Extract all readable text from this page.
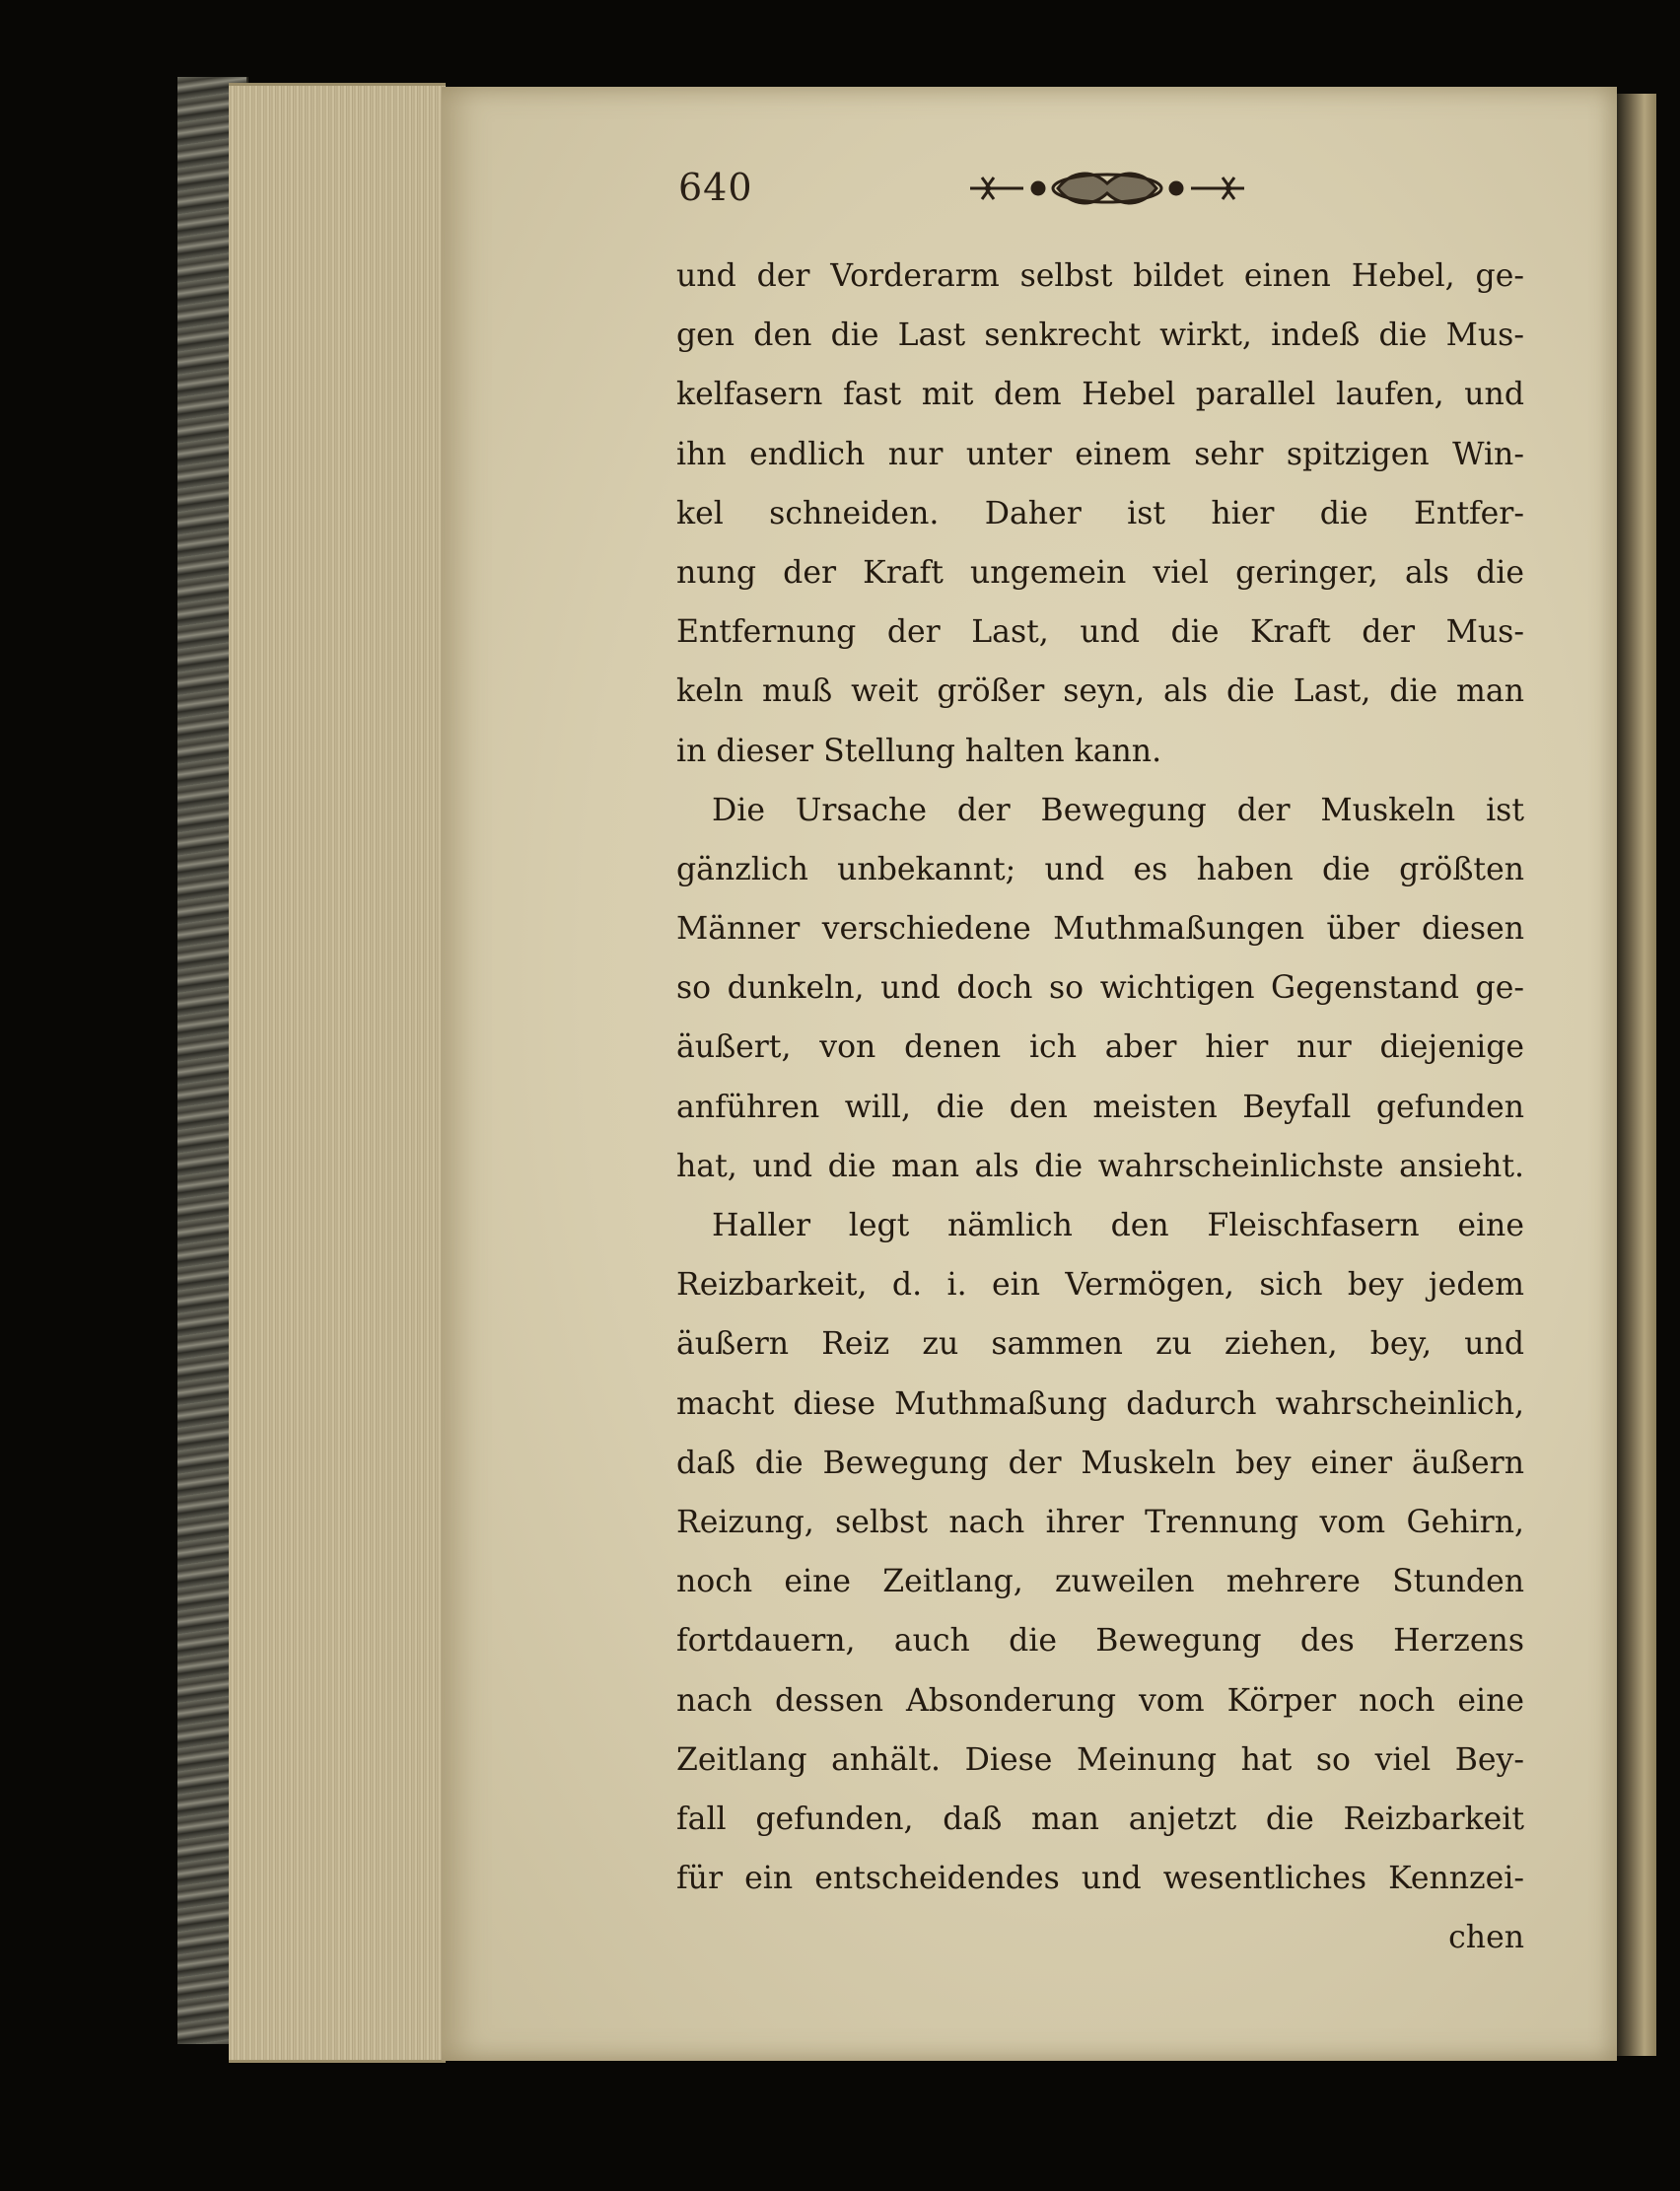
640
und der Vorderarm selbst bildet einen Hebel, ge-
gen den die Last senkrecht wirkt, indeß die Mus-
kelfasern fast mit dem Hebel parallel laufen, und
ihn endlich nur unter einem sehr spitzigen Win-
kel schneiden. Daher ist hier die Entfer-
nung der Kraft ungemein viel geringer, als die
Entfernung der Last, und die Kraft der Mus-
keln muß weit größer seyn, als die Last, die man
in dieser Stellung halten kann.
Die Ursache der Bewegung der Muskeln ist
gänzlich unbekannt; und es haben die größten
Männer verschiedene Muthmaßungen über diesen
so dunkeln, und doch so wichtigen Gegenstand ge-
äußert, von denen ich aber hier nur diejenige
anführen will, die den meisten Beyfall gefunden
hat, und die man als die wahrscheinlichste ansieht.
Haller legt nämlich den Fleischfasern eine
Reizbarkeit, d. i. ein Vermögen, sich bey jedem
äußern Reiz zu sammen zu ziehen, bey, und
macht diese Muthmaßung dadurch wahrscheinlich,
daß die Bewegung der Muskeln bey einer äußern
Reizung, selbst nach ihrer Trennung vom Gehirn,
noch eine Zeitlang, zuweilen mehrere Stunden
fortdauern, auch die Bewegung des Herzens
nach dessen Absonderung vom Körper noch eine
Zeitlang anhält. Diese Meinung hat so viel Bey-
fall gefunden, daß man anjetzt die Reizbarkeit
für ein entscheidendes und wesentliches Kennzei-
chen
